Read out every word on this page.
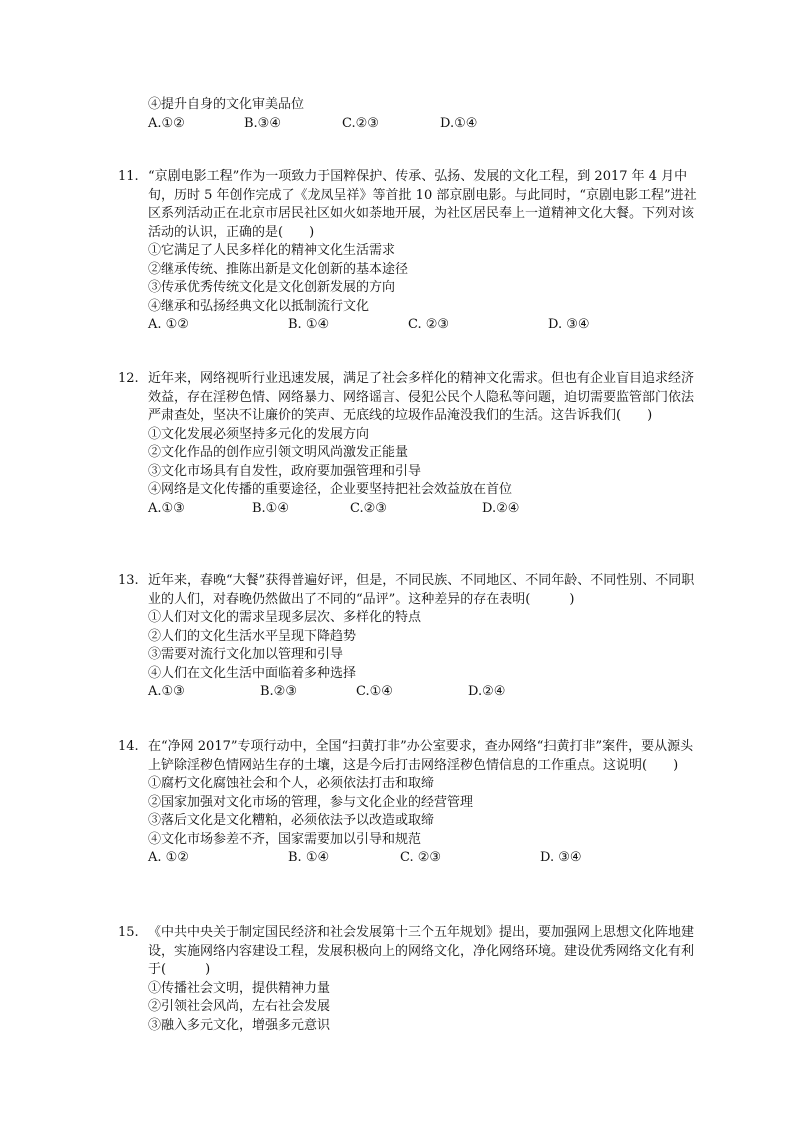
④提升自身的文化审美品位
A.①②	B.③④	C.②③	D.①④
11. “京剧电影工程”作为一项致力于国粹保护、传承、弘扬、发展的文化工程，到 2017 年 4 月中旬，历时 5 年创作完成了《龙凤呈祥》等首批 10 部京剧电影。与此同时，“京剧电影工程”进社区系列活动正在北京市居民社区如火如荼地开展，为社区居民奉上一道精神文化大餐。下列对该活动的认识，正确的是(　　)
①它满足了人民多样化的精神文化生活需求
②继承传统、推陈出新是文化创新的基本途径
③传承优秀传统文化是文化创新发展的方向
④继承和弘扬经典文化以抵制流行文化
A. ①②	B. ①④	C. ②③	D. ③④
12. 近年来，网络视听行业迅速发展，满足了社会多样化的精神文化需求。但也有企业盲目追求经济效益，存在淫秽色情、网络暴力、网络谣言、侵犯公民个人隐私等问题，迫切需要监管部门依法严肃查处，坚决不让廉价的笑声、无底线的垃圾作品淹没我们的生活。这告诉我们(　　)
①文化发展必须坚持多元化的发展方向
②文化作品的创作应引领文明风尚激发正能量
③文化市场具有自发性，政府要加强管理和引导
④网络是文化传播的重要途径，企业要坚持把社会效益放在首位
A.①③	B.①④	C.②③	D.②④
13. 近年来，春晚“大餐”获得普遍好评，但是，不同民族、不同地区、不同年龄、不同性别、不同职业的人们，对春晚仍然做出了不同的“品评”。这种差异的存在表明(　　　)
①人们对文化的需求呈现多层次、多样化的特点
②人们的文化生活水平呈现下降趋势
③需要对流行文化加以管理和引导
④人们在文化生活中面临着多种选择
A.①③	B.②③	C.①④	D.②④
14. 在“净网 2017”专项行动中，全国“扫黄打非”办公室要求，查办网络“扫黄打非”案件，要从源头上铲除淫秽色情网站生存的土壤，这是今后打击网络淫秽色情信息的工作重点。这说明(　　)
①腐朽文化腐蚀社会和个人，必须依法打击和取缔
②国家加强对文化市场的管理，参与文化企业的经营管理
③落后文化是文化糟粕，必须依法予以改造或取缔
④文化市场参差不齐，国家需要加以引导和规范
A. ①②	B. ①④	C. ②③	D. ③④
15. 《中共中央关于制定国民经济和社会发展第十三个五年规划》提出，要加强网上思想文化阵地建设，实施网络内容建设工程，发展积极向上的网络文化，净化网络环境。建设优秀网络文化有利于(　　　)
①传播社会文明，提供精神力量
②引领社会风尚，左右社会发展
③融入多元文化，增强多元意识
